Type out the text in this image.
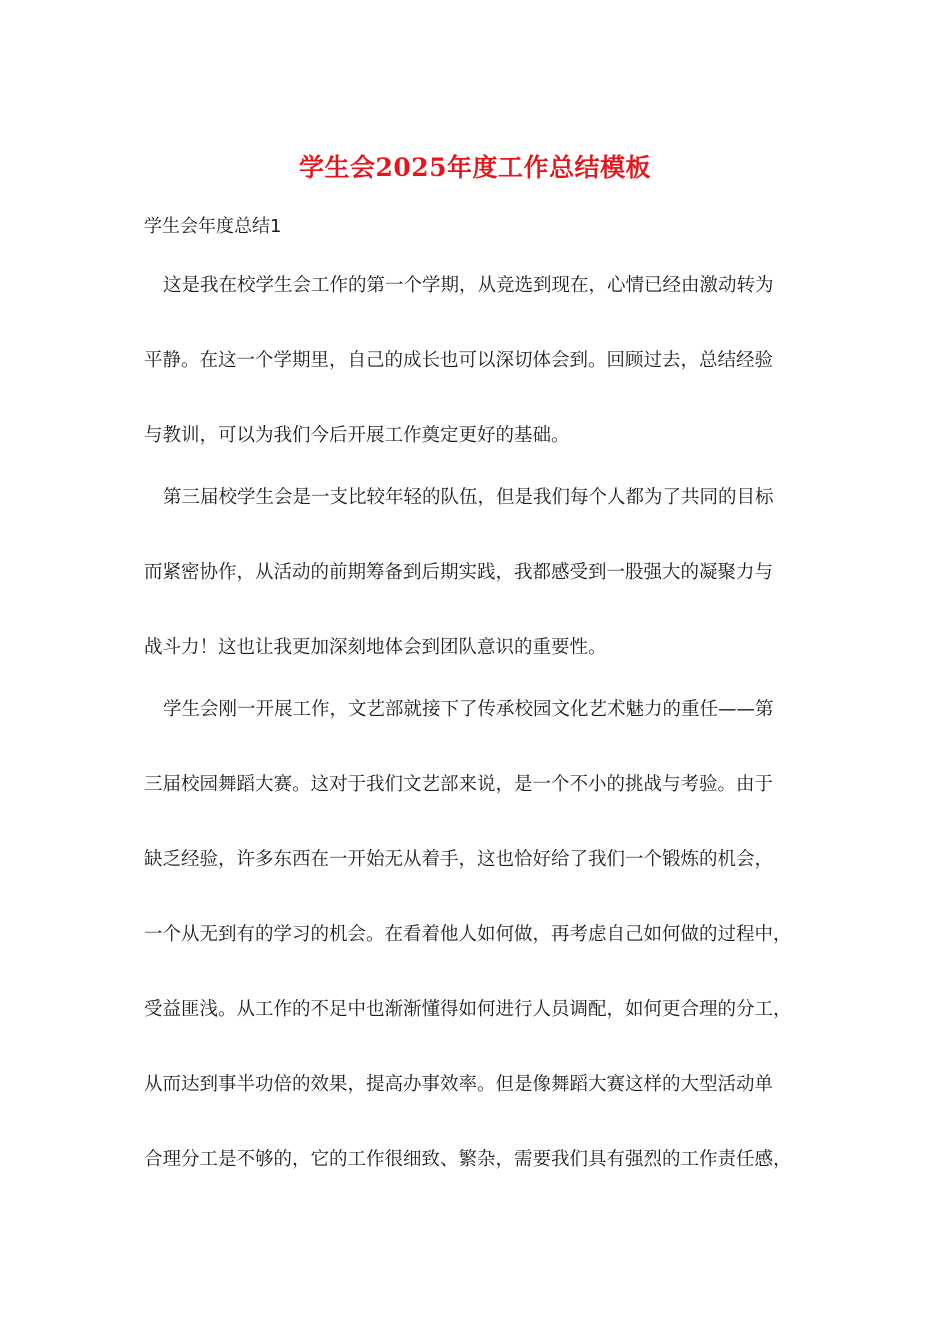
学生会2025年度工作总结模板
学生会年度总结1
这是我在校学生会工作的第一个学期，从竞选到现在，心情已经由激动转为
平静。在这一个学期里，自己的成长也可以深切体会到。回顾过去，总结经验
与教训，可以为我们今后开展工作奠定更好的基础。
第三届校学生会是一支比较年轻的队伍，但是我们每个人都为了共同的目标
而紧密协作，从活动的前期筹备到后期实践，我都感受到一股强大的凝聚力与
战斗力！这也让我更加深刻地体会到团队意识的重要性。
学生会刚一开展工作，文艺部就接下了传承校园文化艺术魅力的重任——第
三届校园舞蹈大赛。这对于我们文艺部来说，是一个不小的挑战与考验。由于
缺乏经验，许多东西在一开始无从着手，这也恰好给了我们一个锻炼的机会，
一个从无到有的学习的机会。在看着他人如何做，再考虑自己如何做的过程中，
受益匪浅。从工作的不足中也渐渐懂得如何进行人员调配，如何更合理的分工，
从而达到事半功倍的效果，提高办事效率。但是像舞蹈大赛这样的大型活动单
合理分工是不够的，它的工作很细致、繁杂，需要我们具有强烈的工作责任感，
